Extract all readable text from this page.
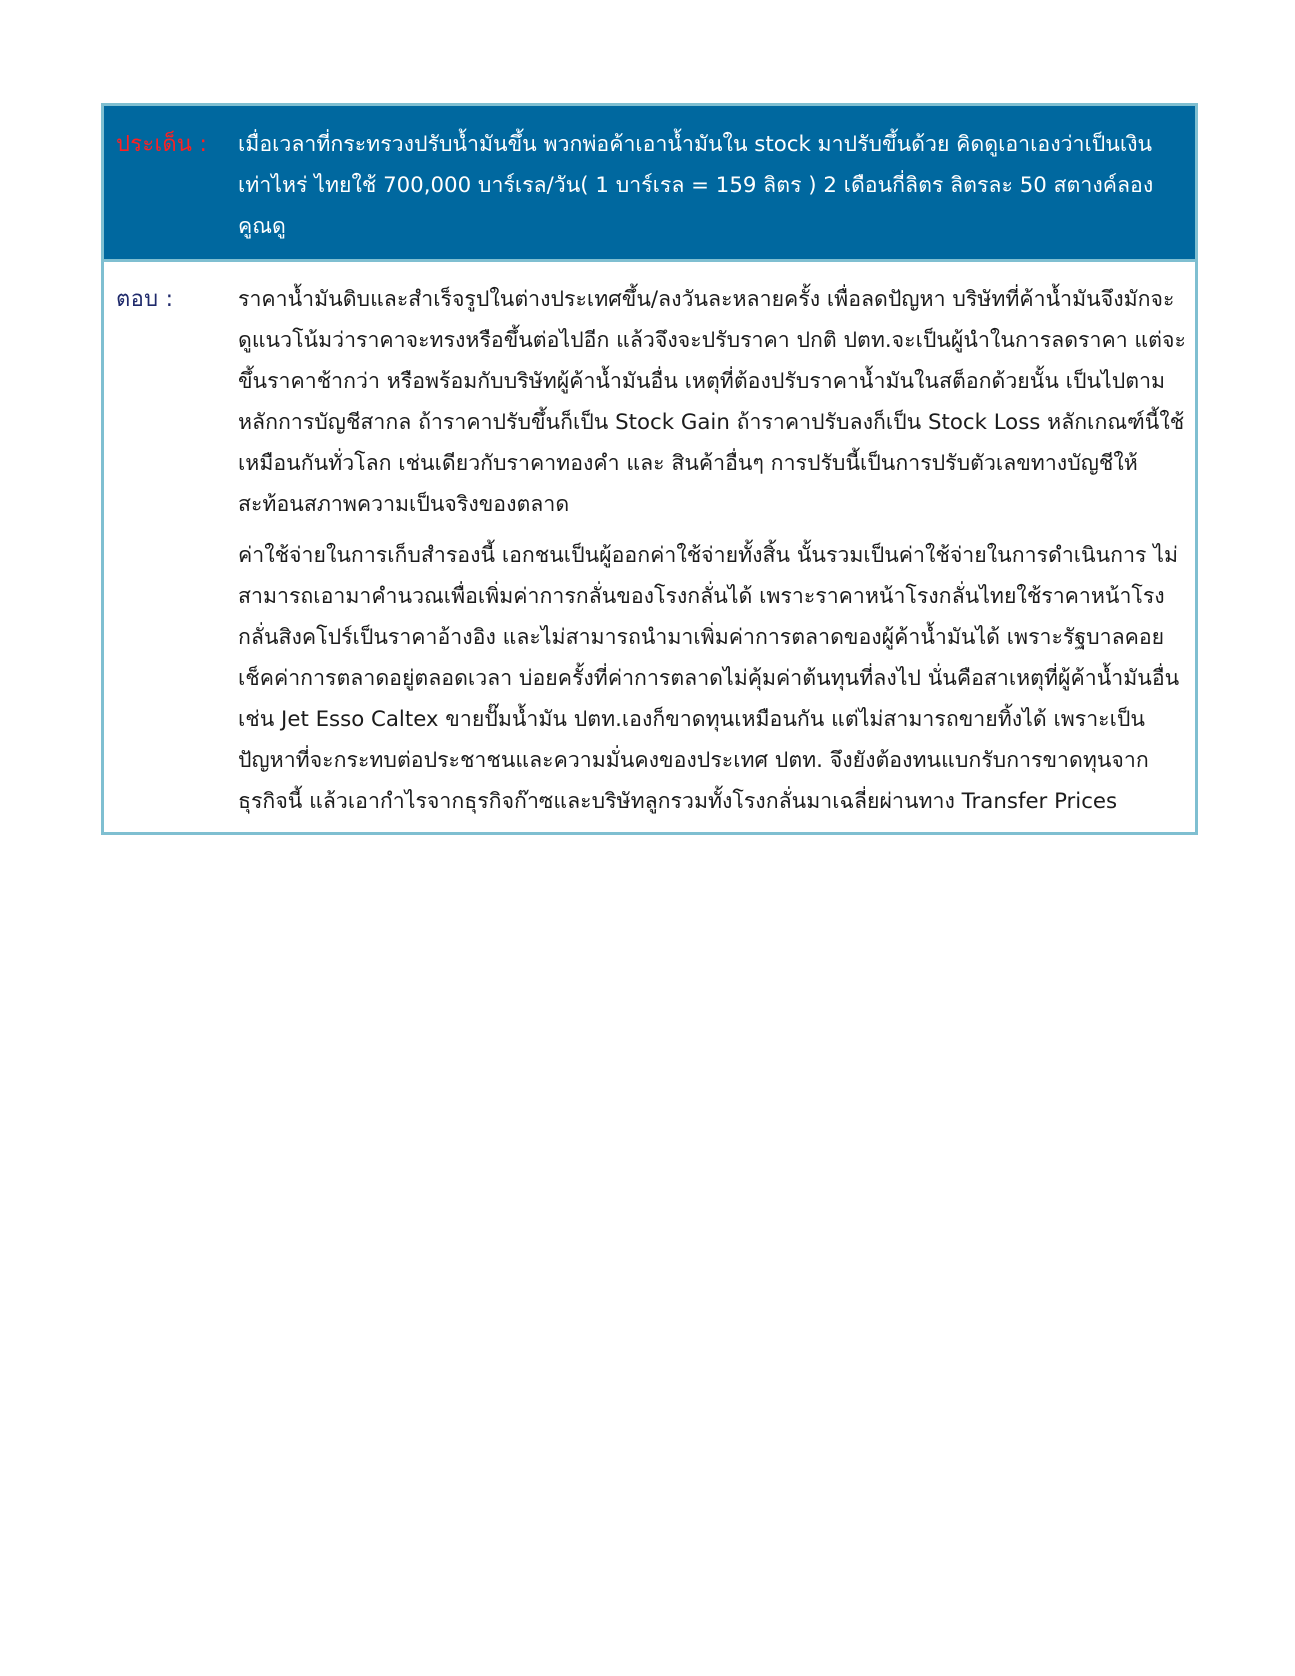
ประเด็น :	เมื่อเวลาที่กระทรวงปรับน้ำมันขึ้น พวกพ่อค้าเอาน้ำมันใน stock มาปรับขึ้นด้วย คิดดูเอาเองว่าเป็นเงินเท่าไหร่ ไทยใช้ 700,000 บาร์เรล/วัน( 1 บาร์เรล = 159 ลิตร ) 2 เดือนกี่ลิตร ลิตรละ 50 สตางค์ลองคูณดู

ตอบ :	ราคาน้ำมันดิบและสำเร็จรูปในต่างประเทศขึ้น/ลงวันละหลายครั้ง เพื่อลดปัญหา บริษัทที่ค้าน้ำมันจึงมักจะดูแนวโน้มว่าราคาจะทรงหรือขึ้นต่อไปอีก แล้วจึงจะปรับราคา ปกติ ปตท.จะเป็นผู้นำในการลดราคา แต่จะขึ้นราคาช้ากว่า หรือพร้อมกับบริษัทผู้ค้าน้ำมันอื่น เหตุที่ต้องปรับราคาน้ำมันในสต็อกด้วยนั้น เป็นไปตามหลักการบัญชีสากล ถ้าราคาปรับขึ้นก็เป็น Stock Gain ถ้าราคาปรับลงก็เป็น Stock Loss หลักเกณฑ์นี้ใช้เหมือนกันทั่วโลก เช่นเดียวกับราคาทองคำ และ สินค้าอื่นๆ การปรับนี้เป็นการปรับตัวเลขทางบัญชีให้สะท้อนสภาพความเป็นจริงของตลาด

ค่าใช้จ่ายในการเก็บสำรองนี้ เอกชนเป็นผู้ออกค่าใช้จ่ายทั้งสิ้น นั้นรวมเป็นค่าใช้จ่ายในการดำเนินการ ไม่สามารถเอามาคำนวณเพื่อเพิ่มค่าการกลั่นของโรงกลั่นได้ เพราะราคาหน้าโรงกลั่นไทยใช้ราคาหน้าโรงกลั่นสิงคโปร์เป็นราคาอ้างอิง และไม่สามารถนำมาเพิ่มค่าการตลาดของผู้ค้าน้ำมันได้ เพราะรัฐบาลคอยเช็คค่าการตลาดอยู่ตลอดเวลา บ่อยครั้งที่ค่าการตลาดไม่คุ้มค่าต้นทุนที่ลงไป นั่นคือสาเหตุที่ผู้ค้าน้ำมันอื่น เช่น Jet Esso Caltex ขายปั๊มน้ำมัน ปตท.เองก็ขาดทุนเหมือนกัน แต่ไม่สามารถขายทิ้งได้ เพราะเป็นปัญหาที่จะกระทบต่อประชาชนและความมั่นคงของประเทศ ปตท. จึงยังต้องทนแบกรับการขาดทุนจากธุรกิจนี้ แล้วเอากำไรจากธุรกิจก๊าซและบริษัทลูกรวมทั้งโรงกลั่นมาเฉลี่ยผ่านทาง Transfer Prices
